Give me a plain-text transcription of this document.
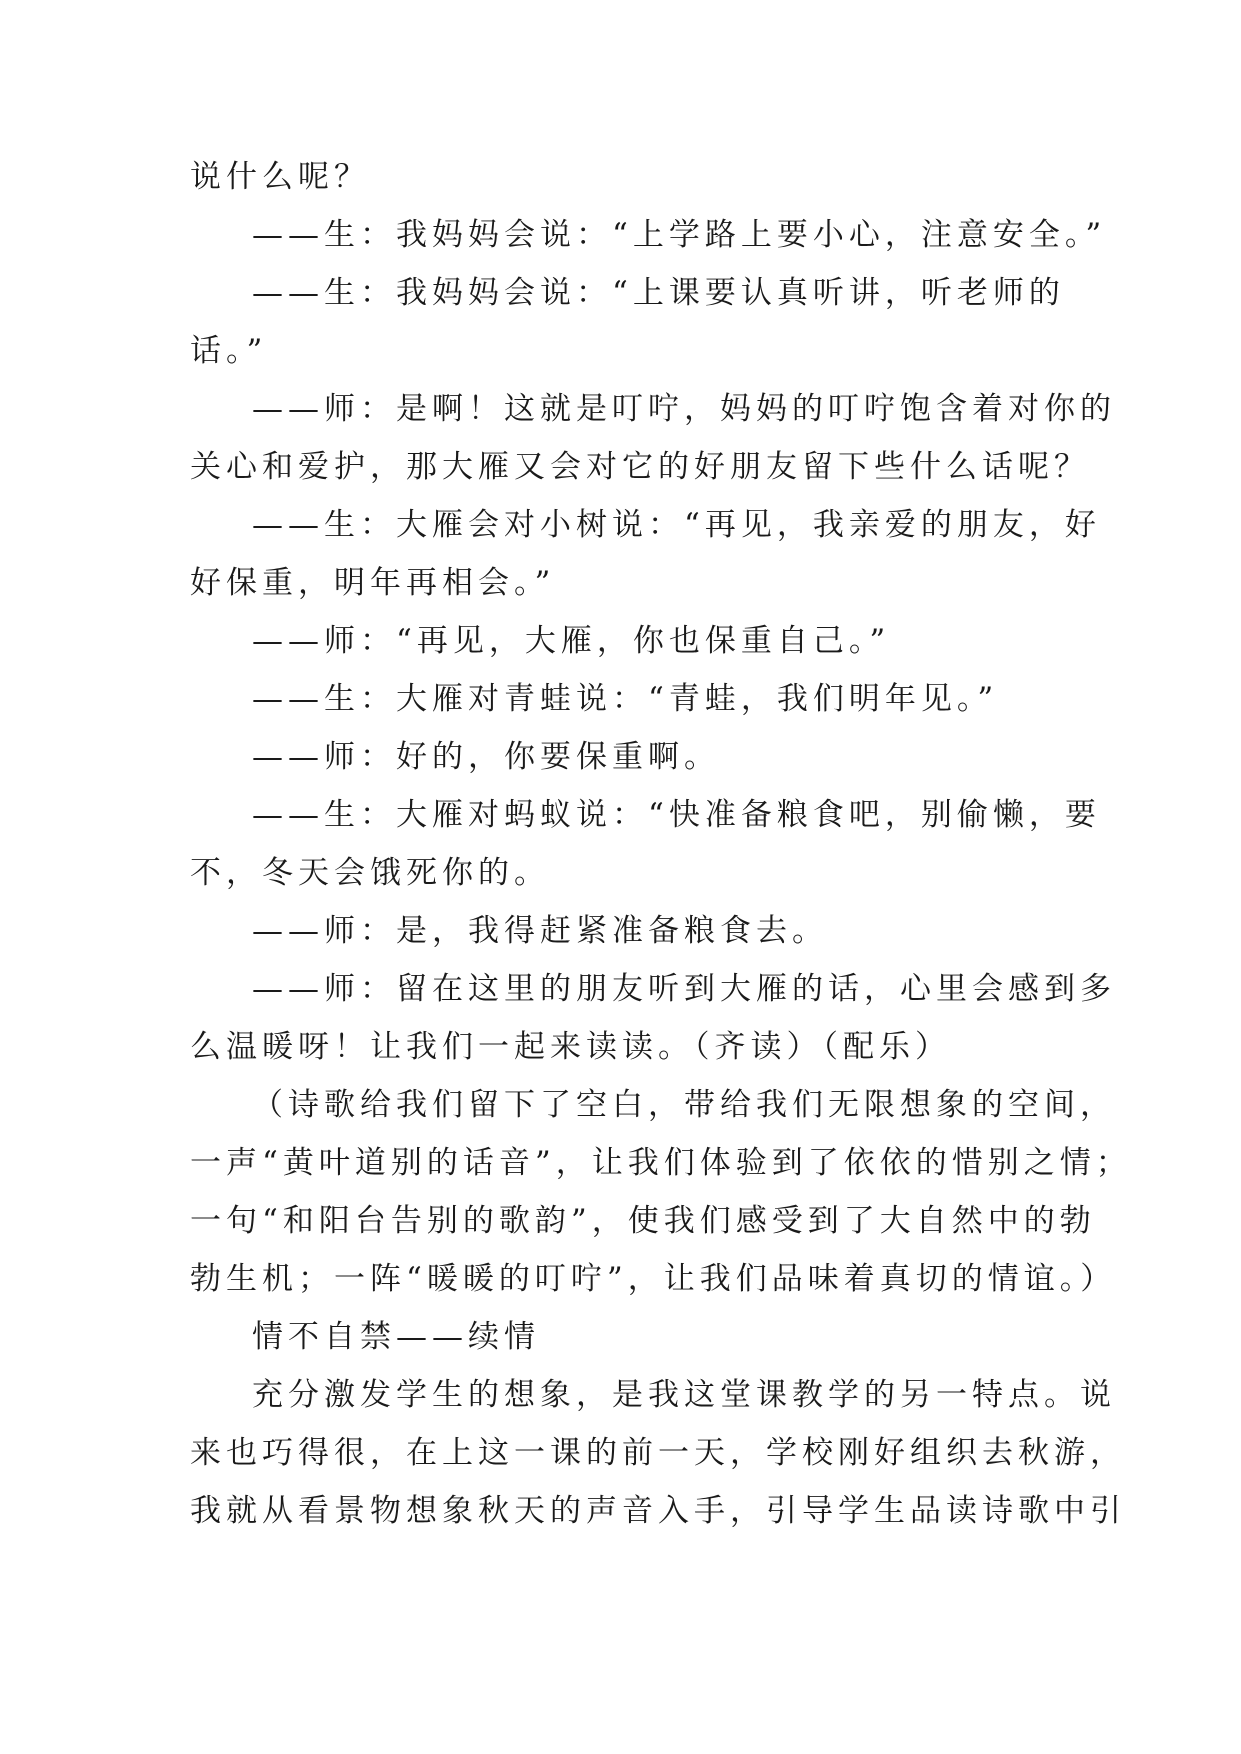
说什么呢？
——生：我妈妈会说：“上学路上要小心，注意安全。”
——生：我妈妈会说：“上课要认真听讲，听老师的
话。”
——师：是啊！这就是叮咛，妈妈的叮咛饱含着对你的
关心和爱护，那大雁又会对它的好朋友留下些什么话呢？
——生：大雁会对小树说：“再见，我亲爱的朋友，好
好保重，明年再相会。”
——师：“再见，大雁，你也保重自己。”
——生：大雁对青蛙说：“青蛙，我们明年见。”
——师：好的，你要保重啊。
——生：大雁对蚂蚁说：“快准备粮食吧，别偷懒，要
不，冬天会饿死你的。
——师：是，我得赶紧准备粮食去。
——师：留在这里的朋友听到大雁的话，心里会感到多
么温暖呀！让我们一起来读读。（齐读）（配乐）
（诗歌给我们留下了空白，带给我们无限想象的空间，
一声“黄叶道别的话音”，让我们体验到了依依的惜别之情；
一句“和阳台告别的歌韵”，使我们感受到了大自然中的勃
勃生机；一阵“暖暖的叮咛”，让我们品味着真切的情谊。）
情不自禁——续情
充分激发学生的想象，是我这堂课教学的另一特点。说
来也巧得很，在上这一课的前一天，学校刚好组织去秋游，
我就从看景物想象秋天的声音入手，引导学生品读诗歌中引
